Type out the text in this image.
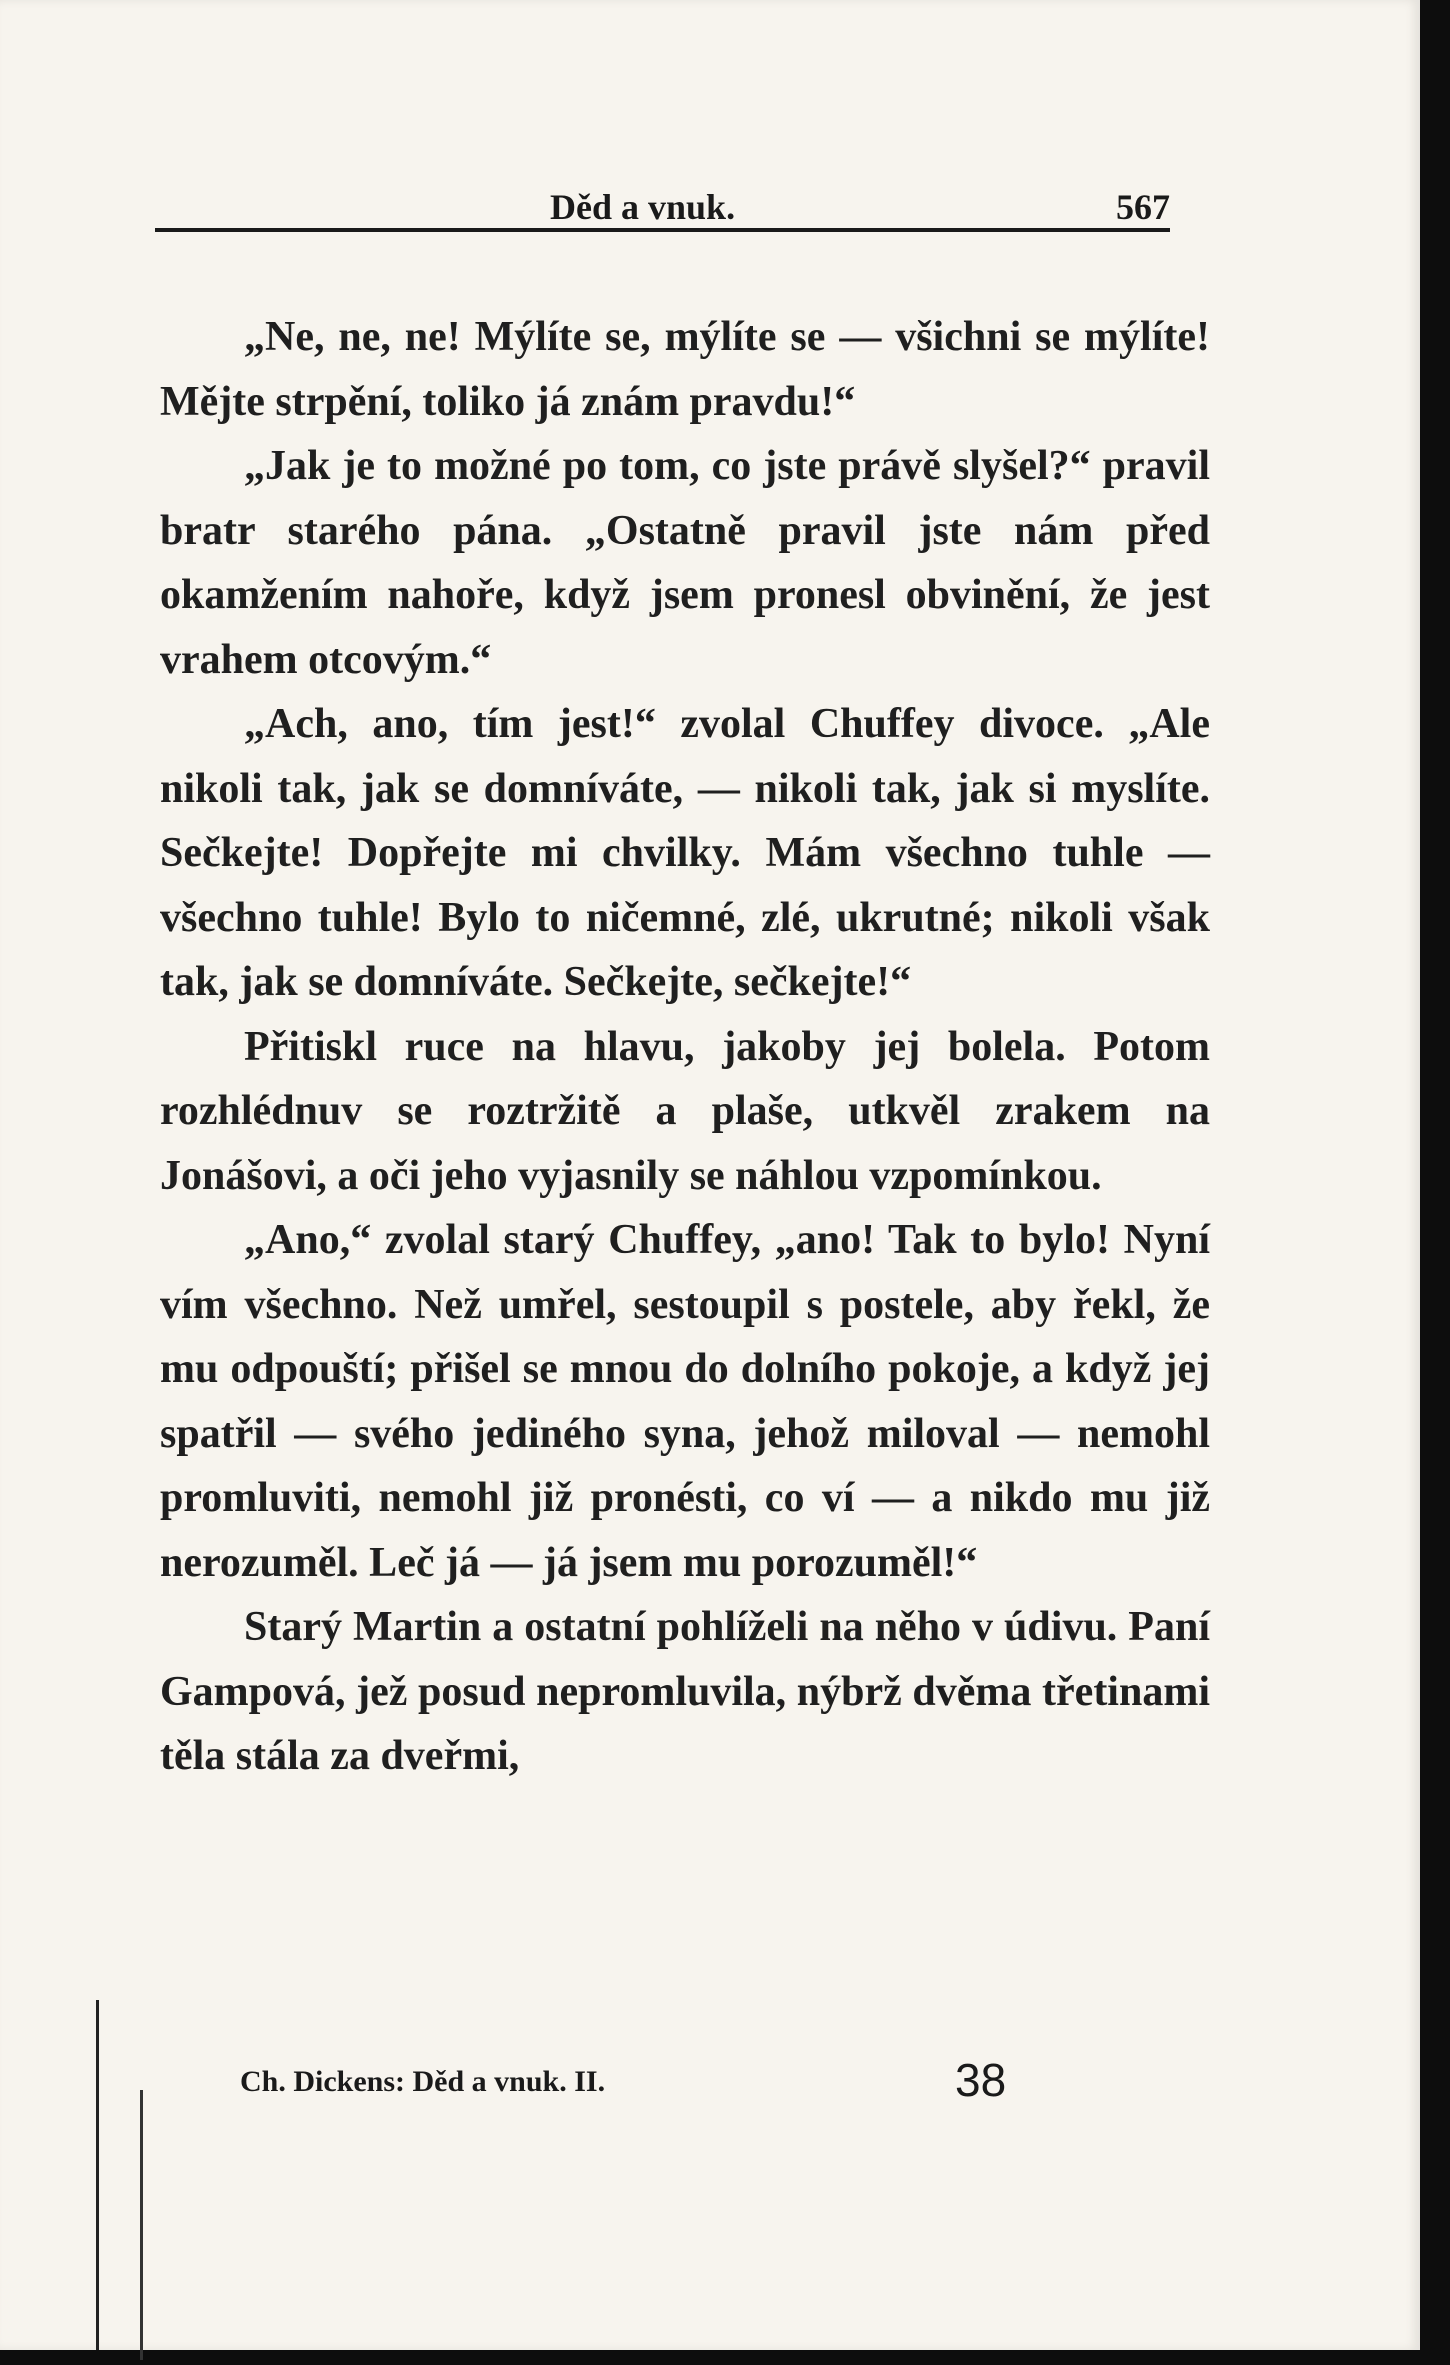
Děd a vnuk.	567

„Ne, ne, ne! Mýlíte se, mýlíte se — všichni se mýlíte! Mějte strpění, toliko já znám pravdu!“

„Jak je to možné po tom, co jste právě slyšel?“ pravil bratr starého pána. „Ostatně pravil jste nám před okamžením nahoře, když jsem pronesl obvinění, že jest vrahem otcovým.“

„Ach, ano, tím jest!“ zvolal Chuffey divoce. „Ale nikoli tak, jak se domníváte, — nikoli tak, jak si myslíte. Sečkejte! Dopřejte mi chvilky. Mám všechno tuhle — všechno tuhle! Bylo to ničemné, zlé, ukrutné; nikoli však tak, jak se domníváte. Sečkejte, sečkejte!“

Přitiskl ruce na hlavu, jakoby jej bolela. Potom rozhlédnuv se roztržitě a plaše, utkvěl zrakem na Jonášovi, a oči jeho vyjasnily se náhlou vzpomínkou.

„Ano,“ zvolal starý Chuffey, „ano! Tak to bylo! Nyní vím všechno. Než umřel, sestoupil s postele, aby řekl, že mu odpouští; přišel se mnou do dolního pokoje, a když jej spatřil — svého jediného syna, jehož miloval — nemohl promluviti, nemohl již pronésti, co ví — a nikdo mu již nerozuměl. Leč já — já jsem mu porozuměl!“

Starý Martin a ostatní pohlíželi na něho v údivu. Paní Gampová, jež posud nepromluvila, nýbrž dvěma třetinami těla stála za dveřmi,

Ch. Dickens: Děd a vnuk. II.	38
